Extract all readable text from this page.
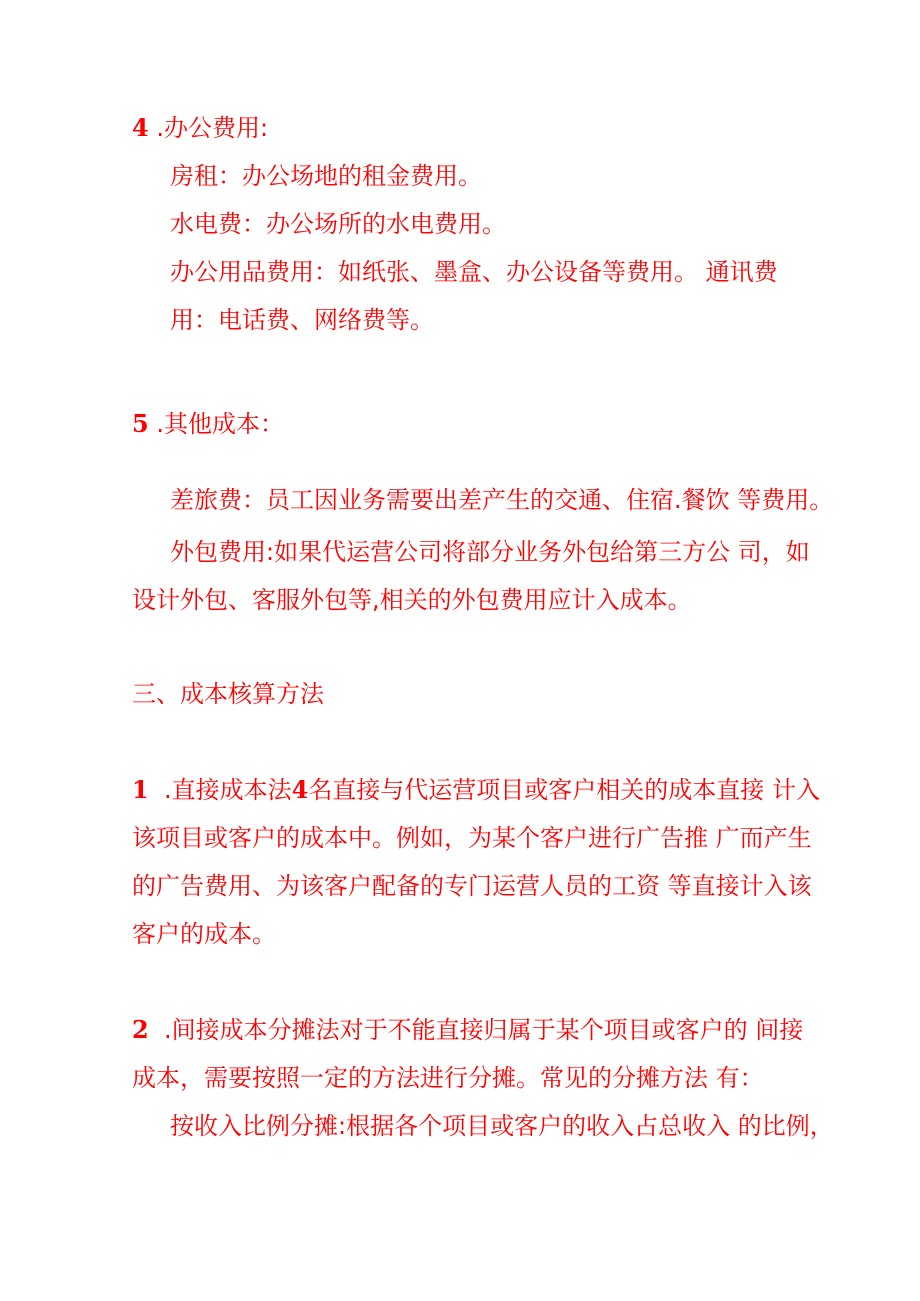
4 .办公费用:
房租：办公场地的租金费用。
水电费：办公场所的水电费用。
办公用品费用：如纸张、墨盒、办公设备等费用。 通讯费
用：电话费、网络费等。
5 .其他成本：
差旅费：员工因业务需要出差产生的交通、住宿.餐饮 等费用。
外包费用:如果代运营公司将部分业务外包给第三方公 司，如
设计外包、客服外包等,相关的外包费用应计入成本。
三、成本核算方法
1 .直接成本法4名直接与代运营项目或客户相关的成本直接 计入
该项目或客户的成本中。例如，为某个客户进行广告推 广而产生
的广告费用、为该客户配备的专门运营人员的工资 等直接计入该
客户的成本。
2 .间接成本分摊法对于不能直接归属于某个项目或客户的 间接
成本，需要按照一定的方法进行分摊。常见的分摊方法 有：
按收入比例分摊:根据各个项目或客户的收入占总收入 的比例，
